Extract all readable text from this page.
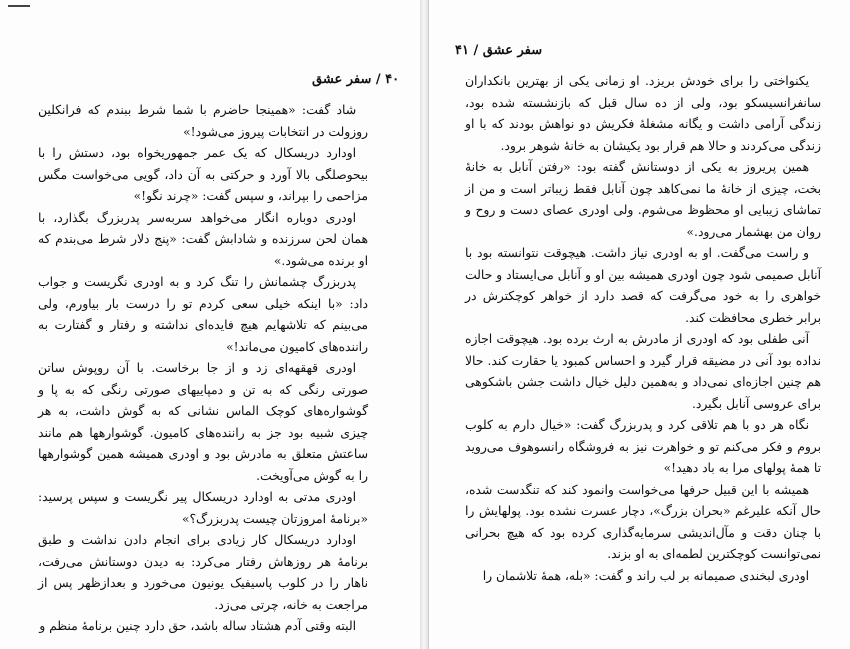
۴۰ / سفر عشق

شاد گفت: «همینجا حاضرم با شما شرط ببندم که فرانکلین روزولت در انتخابات پیروز می‌شود!»

اودارد دریسکال که یک عمر جمهوریخواه بود، دستش را با بیحوصلگی بالا آورد و حرکتی به آن داد، گویی می‌خواست مگس مزاحمی را بپراند، و سپس گفت: «چرند نگو!»

اودری دوباره انگار می‌خواهد سربه‌سر پدربزرگ بگذارد، با همان لحن سرزنده و شادابش گفت: «پنج دلار شرط می‌بندم که او برنده می‌شود.»

پدربزرگ چشمانش را تنگ کرد و به اودری نگریست و جواب داد: «با اینکه خیلی سعی کردم تو را درست بار بیاورم، ولی می‌بینم که تلاشهایم هیچ فایده‌ای نداشته و رفتار و گفتارت به راننده‌های کامیون می‌ماند!»

اودری قهقهه‌ای زد و از جا برخاست. با آن روپوش ساتن صورتی رنگی که به تن و دمپاییهای صورتی رنگی که به پا و گوشواره‌های کوچک الماس نشانی که به گوش داشت، به هر چیزی شبیه بود جز به راننده‌های کامیون. گوشوارهها هم مانند ساعتش متعلق به مادرش بود و اودری همیشه همین گوشوارهها را به گوش می‌آویخت.

اودری مدتی به اودارد دریسکال پیر نگریست و سپس پرسید: «برنامهٔ امروزتان چیست پدربزرگ؟»

اودارد دریسکال کار زیادی برای انجام دادن نداشت و طبق برنامهٔ هر روزهاش رفتار می‌کرد: به دیدن دوستانش می‌رفت، ناهار را در کلوب پاسیفیک یونیون می‌خورد و بعدازظهر پس از مراجعت به خانه، چرتی می‌زد.

البته وقتی آدم هشتاد ساله باشد، حق دارد چنین برنامهٔ منظم و

سفر عشق / ۴۱

یکنواختی را برای خودش بریزد. او زمانی یکی از بهترین بانکداران سانفرانسیسکو بود، ولی از ده سال قبل که بازنشسته شده بود، زندگی آرامی داشت و یگانه مشغلهٔ فکریش دو نواهش بودند که با او زندگی می‌کردند و حالا هم قرار بود یکیشان به خانهٔ شوهر برود.

همین پریروز به یکی از دوستانش گفته بود: «رفتن آنابل به خانهٔ بخت، چیزی از خانهٔ ما نمی‌کاهد چون آنابل فقط زیباتر است و من از تماشای زیبایی او محظوظ می‌شوم. ولی اودری عصای دست و روح و روان من بهشمار می‌رود.»

و راست می‌گفت. او به اودری نیاز داشت. هیچوقت نتوانسته بود با آنابل صمیمی شود چون اودری همیشه بین او و آنابل می‌ایستاد و حالت خواهری را به خود می‌گرفت که قصد دارد از خواهر کوچکترش در برابر خطری محافظت کند.

آنی طفلی بود که اودری از مادرش به ارث برده بود. هیچوقت اجازه نداده بود آنی در مضیقه قرار گیرد و احساس کمبود یا حقارت کند. حالا هم چنین اجازه‌ای نمی‌داد و به‌همین دلیل خیال داشت جشن باشکوهی برای عروسی آنابل بگیرد.

نگاه هر دو با هم تلاقی کرد و پدربزرگ گفت: «خیال دارم به کلوب بروم و فکر می‌کنم تو و خواهرت نیز به فروشگاه رانسوهوف می‌روید تا همهٔ پولهای مرا به باد دهید!»

همیشه با این قبیل حرفها می‌خواست وانمود کند که تنگدست شده، حال آنکه علیرغم «بحران بزرگ»، دچار عسرت نشده بود. پولهایش را با چنان دقت و مآل‌اندیشی سرمایه‌گذاری کرده بود که هیچ بحرانی نمی‌توانست کوچکترین لطمه‌ای به او بزند.

اودری لبخندی صمیمانه بر لب راند و گفت: «بله، همهٔ تلاشمان را
